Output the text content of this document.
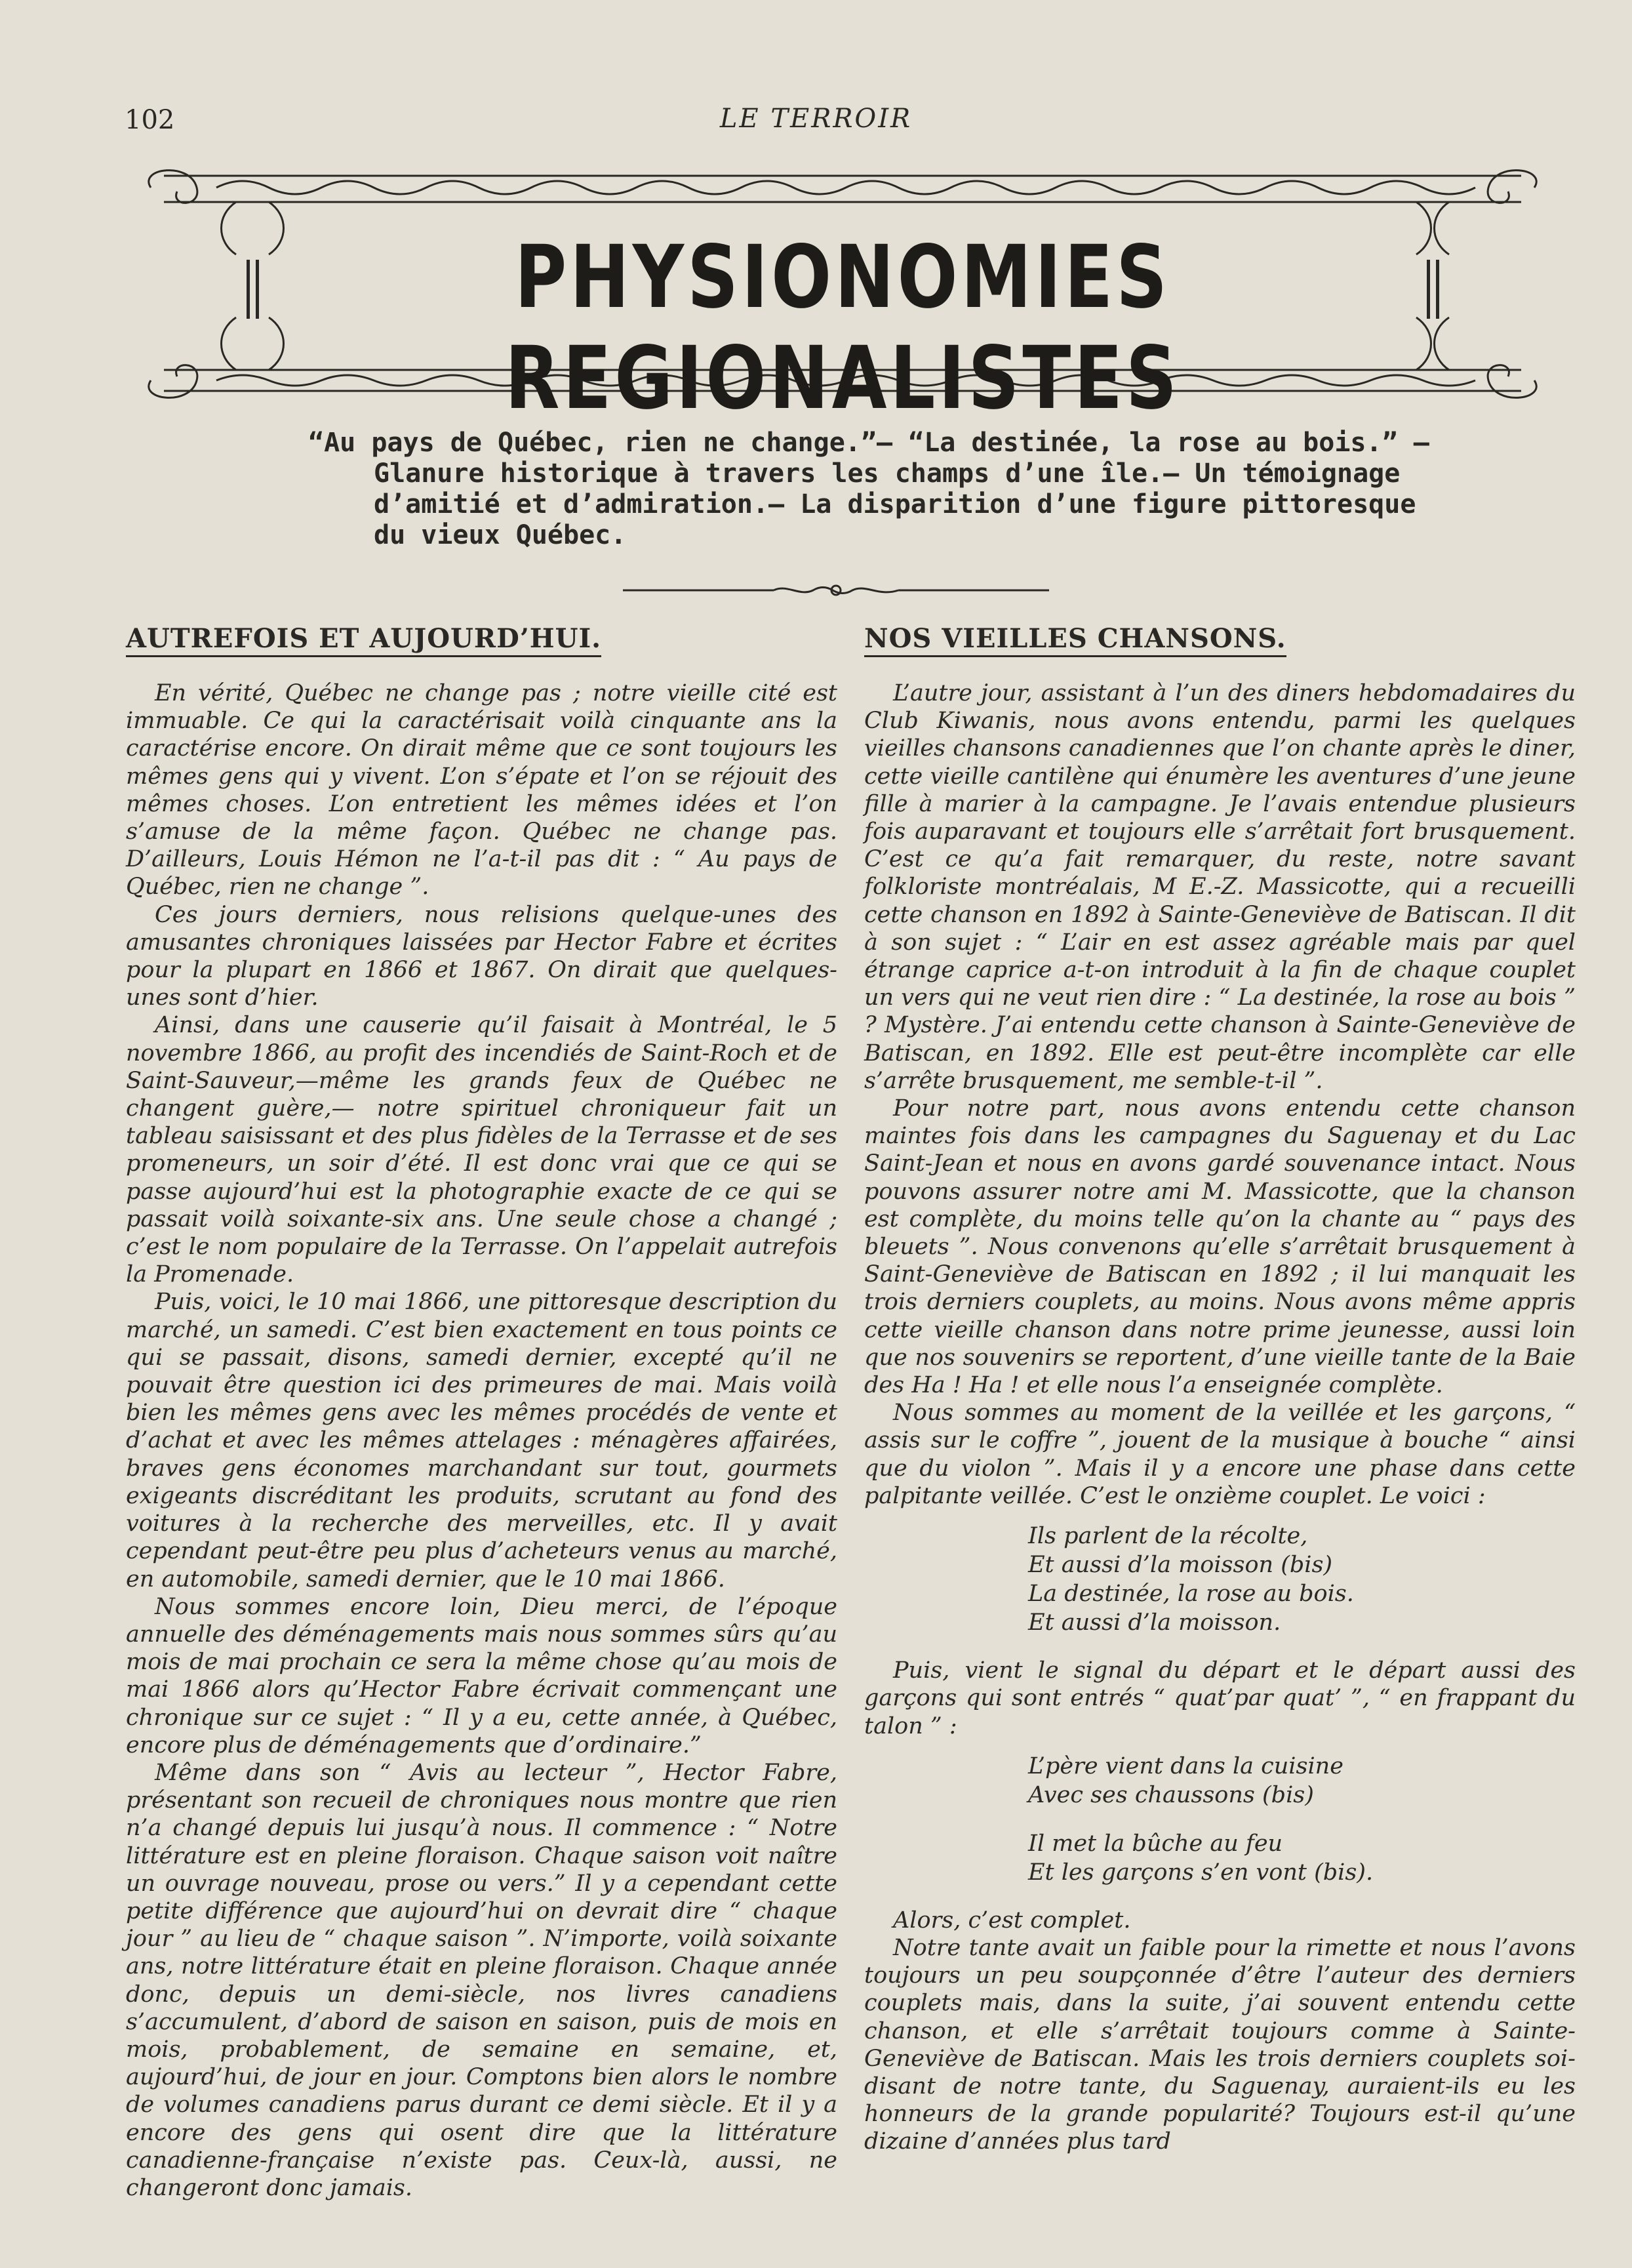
102	LE TERROIR
PHYSIONOMIES REGIONALISTES
“Au pays de Québec, rien ne change.”— “La destinée, la rose au bois.” —
Glanure historique à travers les champs d’une île.— Un témoignage
d’amitié et d’admiration.— La disparition d’une figure pittoresque
du vieux Québec.
AUTREFOIS ET AUJOURD’HUI.

En vérité, Québec ne change pas ; notre vieille cité est immuable. Ce qui la caractérisait voilà cinquante ans la caractérise encore. On dirait même que ce sont toujours les mêmes gens qui y vivent. L’on s’épate et l’on se réjouit des mêmes choses. L’on entretient les mêmes idées et l’on s’amuse de la même façon. Québec ne change pas. D’ailleurs, Louis Hémon ne l’a-t-il pas dit : “ Au pays de Québec, rien ne change ”.

Ces jours derniers, nous relisions quelque-unes des amusantes chroniques laissées par Hector Fabre et écrites pour la plupart en 1866 et 1867. On dirait que quelques-unes sont d’hier.

Ainsi, dans une causerie qu’il faisait à Montréal, le 5 novembre 1866, au profit des incendiés de Saint-Roch et de Saint-Sauveur,—même les grands feux de Québec ne changent guère,— notre spirituel chroniqueur fait un tableau saisissant et des plus fidèles de la Terrasse et de ses promeneurs, un soir d’été. Il est donc vrai que ce qui se passe aujourd’hui est la photographie exacte de ce qui se passait voilà soixante-six ans. Une seule chose a changé ; c’est le nom populaire de la Terrasse. On l’appelait autrefois la Promenade.

Puis, voici, le 10 mai 1866, une pittoresque description du marché, un samedi. C’est bien exactement en tous points ce qui se passait, disons, samedi dernier, excepté qu’il ne pouvait être question ici des primeures de mai. Mais voilà bien les mêmes gens avec les mêmes procédés de vente et d’achat et avec les mêmes attelages : ménagères affairées, braves gens économes marchandant sur tout, gourmets exigeants discréditant les produits, scrutant au fond des voitures à la recherche des merveilles, etc. Il y avait cependant peut-être peu plus d’acheteurs venus au marché, en automobile, samedi dernier, que le 10 mai 1866.

Nous sommes encore loin, Dieu merci, de l’époque annuelle des déménagements mais nous sommes sûrs qu’au mois de mai prochain ce sera la même chose qu’au mois de mai 1866 alors qu’Hector Fabre écrivait commençant une chronique sur ce sujet : “ Il y a eu, cette année, à Québec, encore plus de déménagements que d’ordinaire.”

Même dans son “ Avis au lecteur ”, Hector Fabre, présentant son recueil de chroniques nous montre que rien n’a changé depuis lui jusqu’à nous. Il commence : “ Notre littérature est en pleine floraison. Chaque saison voit naître un ouvrage nouveau, prose ou vers.” Il y a cependant cette petite différence que aujourd’hui on devrait dire “ chaque jour ” au lieu de “ chaque saison ”. N’importe, voilà soixante ans, notre littérature était en pleine floraison. Chaque année donc, depuis un demi-siècle, nos livres canadiens s’accumulent, d’abord de saison en saison, puis de mois en mois, probablement, de semaine en semaine, et, aujourd’hui, de jour en jour. Comptons bien alors le nombre de volumes canadiens parus durant ce demi siècle. Et il y a encore des gens qui osent dire que la littérature canadienne-française n’existe pas. Ceux-là, aussi, ne changeront donc jamais.

NOS VIEILLES CHANSONS.

L’autre jour, assistant à l’un des diners hebdomadaires du Club Kiwanis, nous avons entendu, parmi les quelques vieilles chansons canadiennes que l’on chante après le diner, cette vieille cantilène qui énumère les aventures d’une jeune fille à marier à la campagne. Je l’avais entendue plusieurs fois auparavant et toujours elle s’arrêtait fort brusquement. C’est ce qu’a fait remarquer, du reste, notre savant folkloriste montréalais, M E.-Z. Massicotte, qui a recueilli cette chanson en 1892 à Sainte-Geneviève de Batiscan. Il dit à son sujet : “ L’air en est assez agréable mais par quel étrange caprice a-t-on introduit à la fin de chaque couplet un vers qui ne veut rien dire : “ La destinée, la rose au bois ” ? Mystère. J’ai entendu cette chanson à Sainte-Geneviève de Batiscan, en 1892. Elle est peut-être incomplète car elle s’arrête brusquement, me semble-t-il ”.

Pour notre part, nous avons entendu cette chanson maintes fois dans les campagnes du Saguenay et du Lac Saint-Jean et nous en avons gardé souvenance intact. Nous pouvons assurer notre ami M. Massicotte, que la chanson est complète, du moins telle qu’on la chante au “ pays des bleuets ”. Nous convenons qu’elle s’arrêtait brusquement à Saint-Geneviève de Batiscan en 1892 ; il lui manquait les trois derniers couplets, au moins. Nous avons même appris cette vieille chanson dans notre prime jeunesse, aussi loin que nos souvenirs se reportent, d’une vieille tante de la Baie des Ha ! Ha ! et elle nous l’a enseignée complète.

Nous sommes au moment de la veillée et les garçons, “ assis sur le coffre ”, jouent de la musique à bouche “ ainsi que du violon ”. Mais il y a encore une phase dans cette palpitante veillée. C’est le onzième couplet. Le voici :

Ils parlent de la récolte,
Et aussi d’la moisson (bis)
La destinée, la rose au bois.
Et aussi d’la moisson.

Puis, vient le signal du départ et le départ aussi des garçons qui sont entrés “ quat’par quat’ ”, “ en frappant du talon ” :

L’père vient dans la cuisine
Avec ses chaussons (bis)
Il met la bûche au feu
Et les garçons s’en vont (bis).

Alors, c’est complet.

Notre tante avait un faible pour la rimette et nous l’avons toujours un peu soupçonnée d’être l’auteur des derniers couplets mais, dans la suite, j’ai souvent entendu cette chanson, et elle s’arrêtait toujours comme à Sainte-Geneviève de Batiscan. Mais les trois derniers couplets soi-disant de notre tante, du Saguenay, auraient-ils eu les honneurs de la grande popularité? Toujours est-il qu’une dizaine d’années plus tard
